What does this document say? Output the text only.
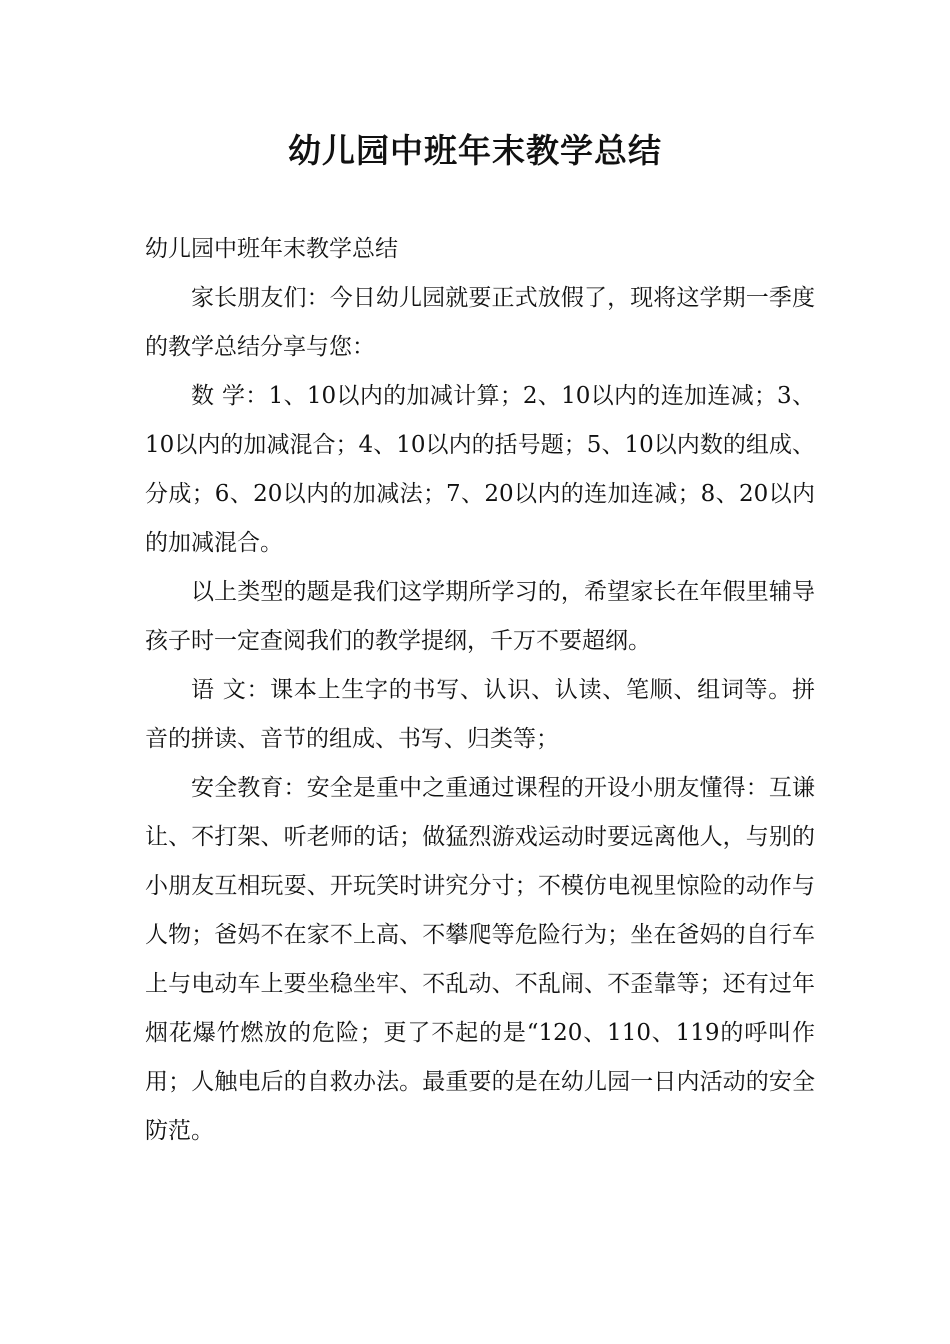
幼儿园中班年末教学总结

幼儿园中班年末教学总结

家长朋友们：今日幼儿园就要正式放假了，现将这学期一季度的教学总结分享与您：

数 学：1、10以内的加减计算；2、10以内的连加连减；3、10以内的加减混合；4、10以内的括号题；5、10以内数的组成、分成；6、20以内的加减法；7、20以内的连加连减；8、20以内的加减混合。

以上类型的题是我们这学期所学习的，希望家长在年假里辅导孩子时一定查阅我们的教学提纲，千万不要超纲。

语 文：课本上生字的书写、认识、认读、笔顺、组词等。拼音的拼读、音节的组成、书写、归类等；

安全教育：安全是重中之重通过课程的开设小朋友懂得：互谦让、不打架、听老师的话；做猛烈游戏运动时要远离他人，与别的小朋友互相玩耍、开玩笑时讲究分寸；不模仿电视里惊险的动作与人物；爸妈不在家不上高、不攀爬等危险行为；坐在爸妈的自行车上与电动车上要坐稳坐牢、不乱动、不乱闹、不歪靠等；还有过年烟花爆竹燃放的危险；更了不起的是“120、110、119的呼叫作用；人触电后的自救办法。最重要的是在幼儿园一日内活动的安全防范。
